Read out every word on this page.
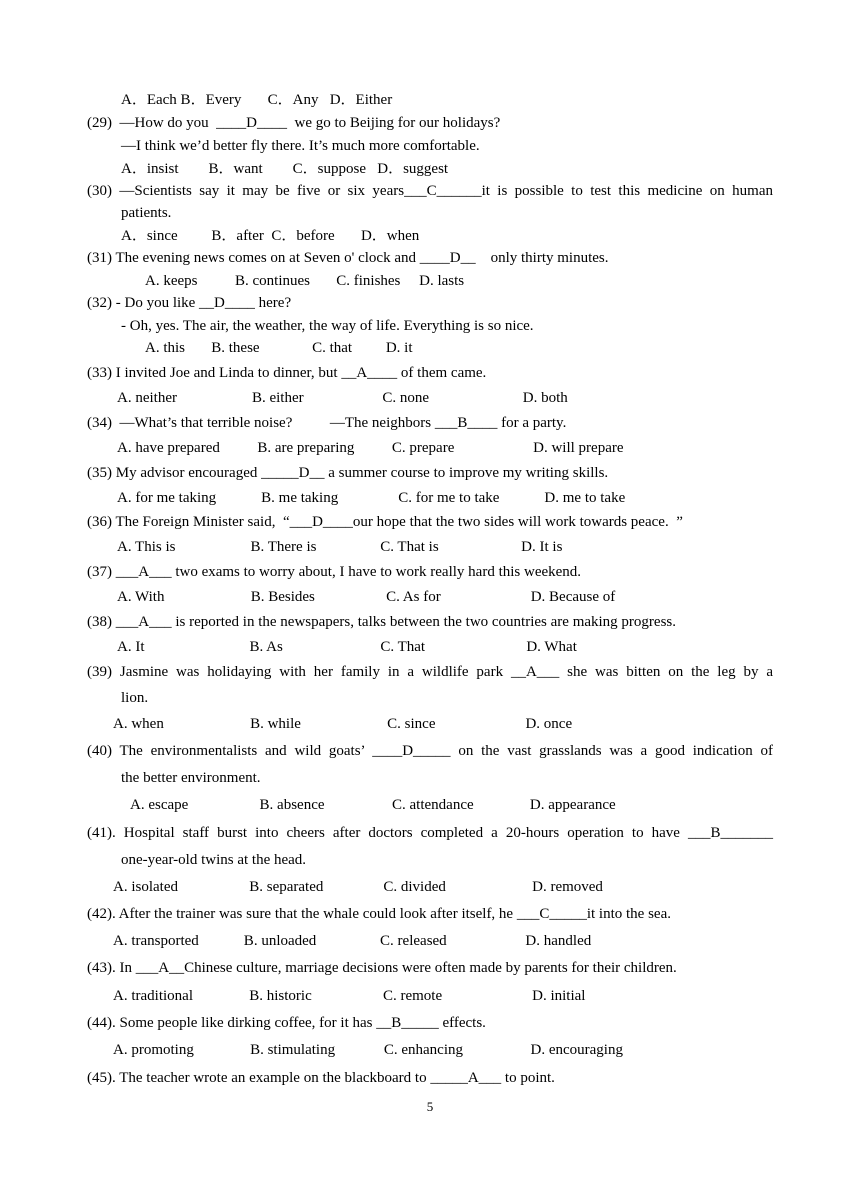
A．Each B．Every       C．Any   D．Either
(29)  —How do you  ____D____  we go to Beijing for our holidays?
—I think we’d better fly there. It’s much more comfortable.
A．insist        B．want        C．suppose   D．suggest
(30) —Scientists say it may be five or six years___C______it is possible to test this medicine on human
patients.
A．since         B．after  C．before       D．when
(31) The evening news comes on at Seven o' clock and ____D__    only thirty minutes.
A. keeps          B. continues       C. finishes     D. lasts
(32) - Do you like __D____ here?
- Oh, yes. The air, the weather, the way of life. Everything is so nice.
A. this       B. these              C. that         D. it
(33) I invited Joe and Linda to dinner, but __A____ of them came.
A. neither                    B. either                     C. none                         D. both
(34)  —What’s that terrible noise?          —The neighbors ___B____ for a party.
A. have prepared          B. are preparing          C. prepare                     D. will prepare
(35) My advisor encouraged _____D__ a summer course to improve my writing skills.
A. for me taking            B. me taking                C. for me to take            D. me to take
(36) The Foreign Minister said,  “___D____our hope that the two sides will work towards peace.  ”
A. This is                    B. There is                 C. That is                      D. It is
(37) ___A___ two exams to worry about, I have to work really hard this weekend.
A. With                       B. Besides                   C. As for                        D. Because of
(38) ___A___ is reported in the newspapers, talks between the two countries are making progress.
A. It                            B. As                          C. That                           D. What
(39) Jasmine was holidaying with her family in a wildlife park __A___ she was bitten on the leg by a
lion.
A. when                       B. while                       C. since                        D. once
(40) The environmentalists and wild goats’ ____D_____ on the vast grasslands was a good indication of
the better environment.
A. escape                   B. absence                  C. attendance               D. appearance
(41). Hospital staff burst into cheers after doctors completed a 20-hours operation to have ___B_______
one-year-old twins at the head.
A. isolated                   B. separated                C. divided                       D. removed
(42). After the trainer was sure that the whale could look after itself, he ___C_____it into the sea.
A. transported            B. unloaded                 C. released                     D. handled
(43). In ___A__Chinese culture, marriage decisions were often made by parents for their children.
A. traditional               B. historic                   C. remote                        D. initial
(44). Some people like dirking coffee, for it has __B_____ effects.
A. promoting               B. stimulating             C. enhancing                  D. encouraging
(45). The teacher wrote an example on the blackboard to _____A___ to point.
5
